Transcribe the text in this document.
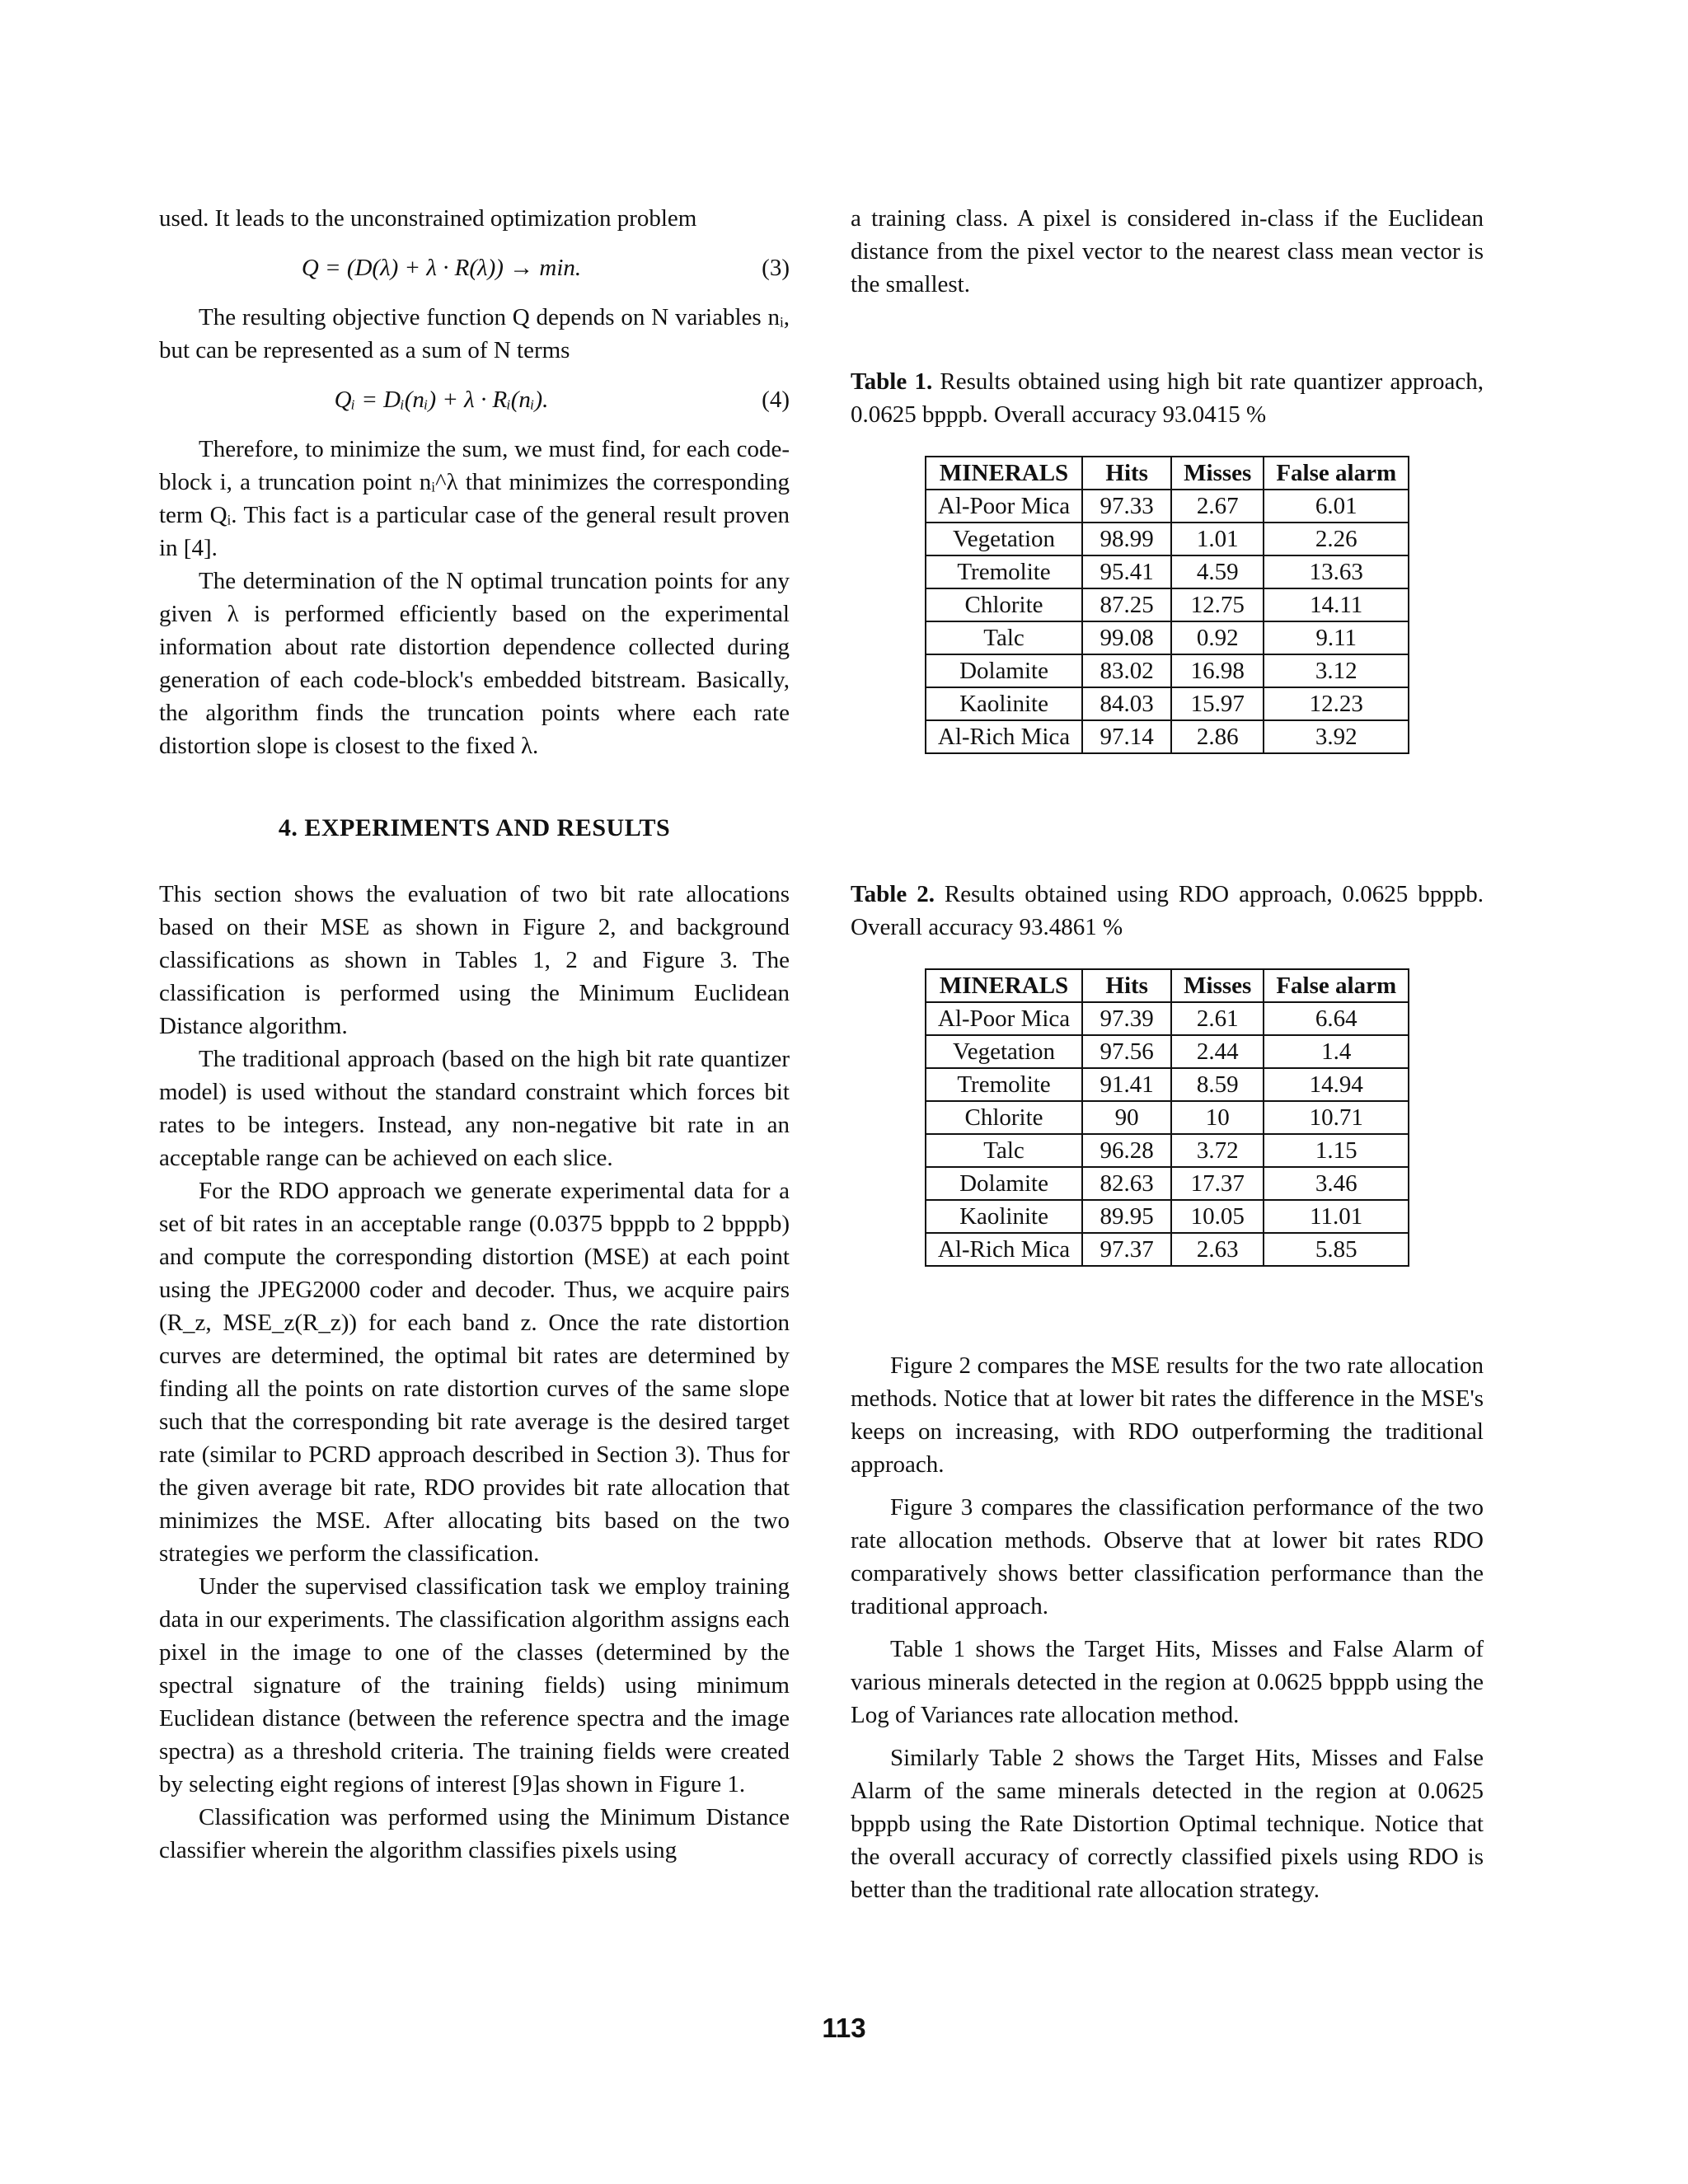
used. It leads to the unconstrained optimization problem

Q = (D(λ) + λ · R(λ)) → min.	(3)

The resulting objective function Q depends on N variables nᵢ, but can be represented as a sum of N terms

Qᵢ = Dᵢ(nᵢ) + λ · Rᵢ(nᵢ).	(4)

Therefore, to minimize the sum, we must find, for each code-block i, a truncation point nᵢ^λ that minimizes the corresponding term Qᵢ. This fact is a particular case of the general result proven in [4].

The determination of the N optimal truncation points for any given λ is performed efficiently based on the experimental information about rate distortion dependence collected during generation of each code-block's embedded bitstream. Basically, the algorithm finds the truncation points where each rate distortion slope is closest to the fixed λ.

4. EXPERIMENTS AND RESULTS

This section shows the evaluation of two bit rate allocations based on their MSE as shown in Figure 2, and background classifications as shown in Tables 1, 2 and Figure 3. The classification is performed using the Minimum Euclidean Distance algorithm.

The traditional approach (based on the high bit rate quantizer model) is used without the standard constraint which forces bit rates to be integers. Instead, any non-negative bit rate in an acceptable range can be achieved on each slice.

For the RDO approach we generate experimental data for a set of bit rates in an acceptable range (0.0375 bpppb to 2 bpppb) and compute the corresponding distortion (MSE) at each point using the JPEG2000 coder and decoder. Thus, we acquire pairs (R_z, MSE_z(R_z)) for each band z. Once the rate distortion curves are determined, the optimal bit rates are determined by finding all the points on rate distortion curves of the same slope such that the corresponding bit rate average is the desired target rate (similar to PCRD approach described in Section 3). Thus for the given average bit rate, RDO provides bit rate allocation that minimizes the MSE. After allocating bits based on the two strategies we perform the classification.

Under the supervised classification task we employ training data in our experiments. The classification algorithm assigns each pixel in the image to one of the classes (determined by the spectral signature of the training fields) using minimum Euclidean distance (between the reference spectra and the image spectra) as a threshold criteria. The training fields were created by selecting eight regions of interest [9]as shown in Figure 1.

Classification was performed using the Minimum Distance classifier wherein the algorithm classifies pixels using

a training class. A pixel is considered in-class if the Euclidean distance from the pixel vector to the nearest class mean vector is the smallest.

Table 1. Results obtained using high bit rate quantizer approach, 0.0625 bpppb. Overall accuracy 93.0415 %

MINERALS	Hits	Misses	False alarm
Al-Poor Mica	97.33	2.67	6.01
Vegetation	98.99	1.01	2.26
Tremolite	95.41	4.59	13.63
Chlorite	87.25	12.75	14.11
Talc	99.08	0.92	9.11
Dolamite	83.02	16.98	3.12
Kaolinite	84.03	15.97	12.23
Al-Rich Mica	97.14	2.86	3.92

Table 2. Results obtained using RDO approach, 0.0625 bpppb. Overall accuracy 93.4861 %

MINERALS	Hits	Misses	False alarm
Al-Poor Mica	97.39	2.61	6.64
Vegetation	97.56	2.44	1.4
Tremolite	91.41	8.59	14.94
Chlorite	90	10	10.71
Talc	96.28	3.72	1.15
Dolamite	82.63	17.37	3.46
Kaolinite	89.95	10.05	11.01
Al-Rich Mica	97.37	2.63	5.85

Figure 2 compares the MSE results for the two rate allocation methods. Notice that at lower bit rates the difference in the MSE's keeps on increasing, with RDO outperforming the traditional approach.

Figure 3 compares the classification performance of the two rate allocation methods. Observe that at lower bit rates RDO comparatively shows better classification performance than the traditional approach.

Table 1 shows the Target Hits, Misses and False Alarm of various minerals detected in the region at 0.0625 bpppb using the Log of Variances rate allocation method.

Similarly Table 2 shows the Target Hits, Misses and False Alarm of the same minerals detected in the region at 0.0625 bpppb using the Rate Distortion Optimal technique. Notice that the overall accuracy of correctly classified pixels using RDO is better than the traditional rate allocation strategy.

113
